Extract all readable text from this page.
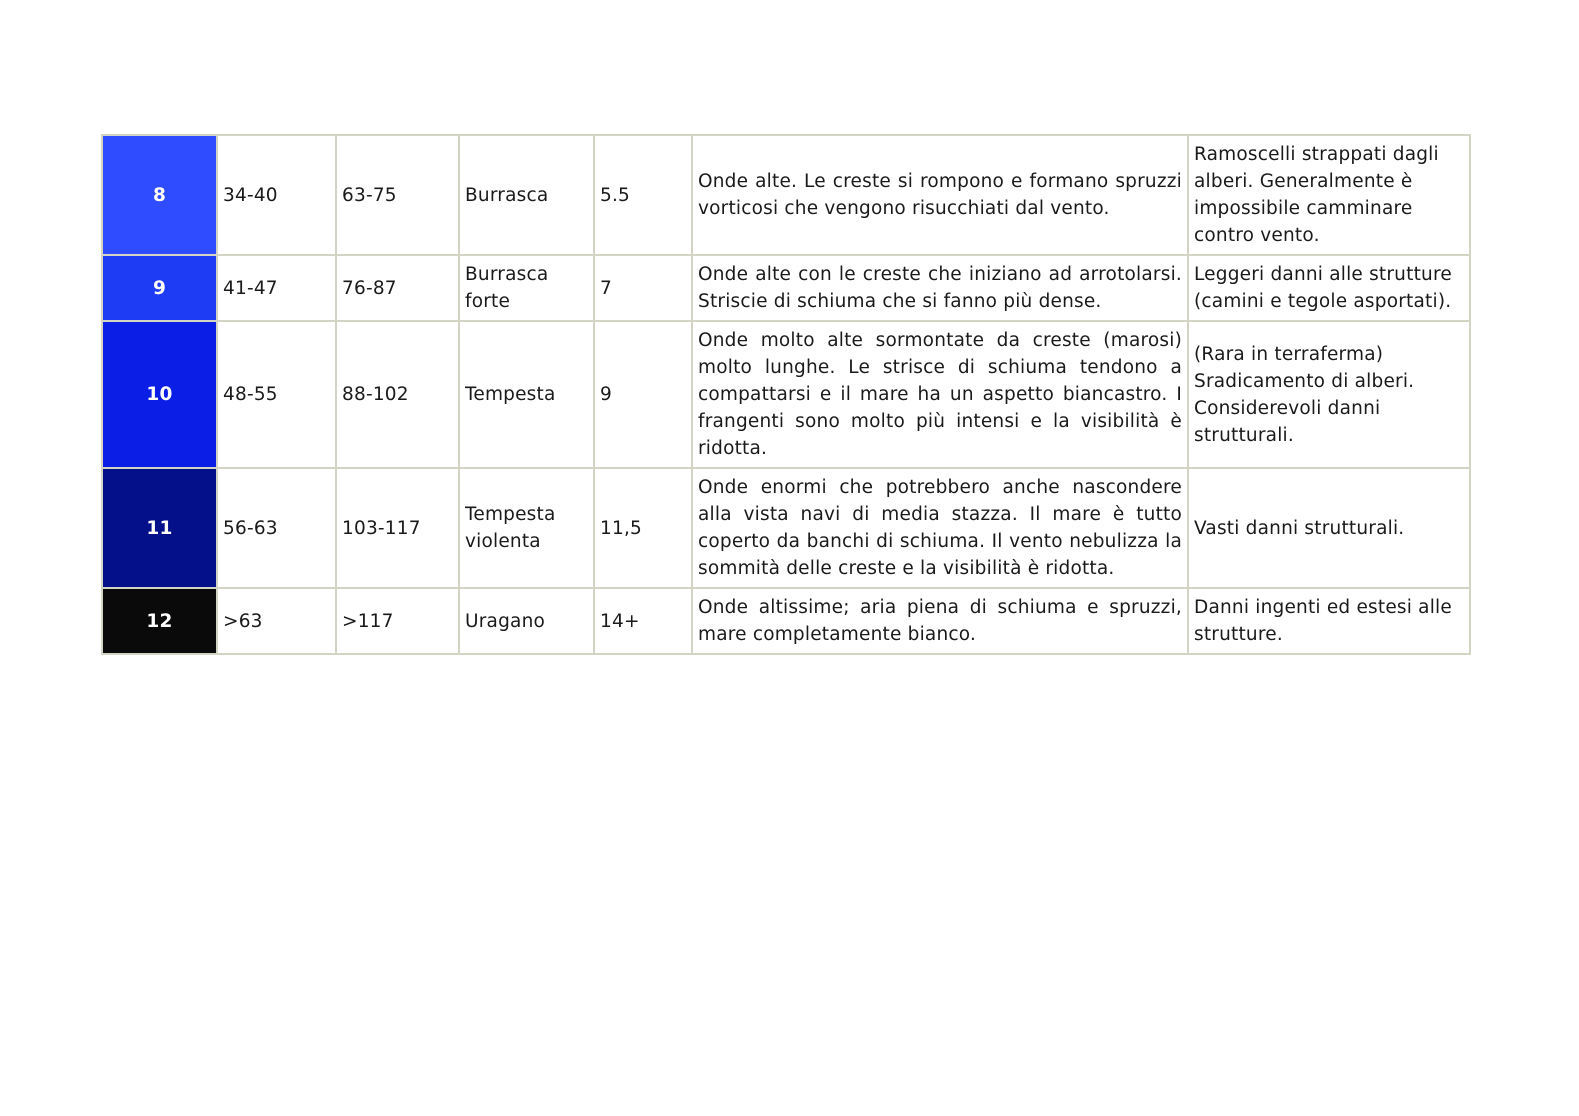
8	34-40	63-75	Burrasca	5.5	Onde alte. Le creste si rompono e formano spruzzi vorticosi che vengono risucchiati dal vento.	Ramoscelli strappati dagli alberi. Generalmente è impossibile camminare contro vento.
9	41-47	76-87	Burrasca forte	7	Onde alte con le creste che iniziano ad arrotolarsi. Striscie di schiuma che si fanno più dense.	Leggeri danni alle strutture (camini e tegole asportati).
10	48-55	88-102	Tempesta	9	Onde molto alte sormontate da creste (marosi) molto lunghe. Le strisce di schiuma tendono a compattarsi e il mare ha un aspetto biancastro. I frangenti sono molto più intensi e la visibilità è ridotta.	(Rara in terraferma) Sradicamento di alberi. Considerevoli danni strutturali.
11	56-63	103-117	Tempesta violenta	11,5	Onde enormi che potrebbero anche nascondere alla vista navi di media stazza. Il mare è tutto coperto da banchi di schiuma. Il vento nebulizza la sommità delle creste e la visibilità è ridotta.	Vasti danni strutturali.
12	>63	>117	Uragano	14+	Onde altissime; aria piena di schiuma e spruzzi, mare completamente bianco.	Danni ingenti ed estesi alle strutture.
